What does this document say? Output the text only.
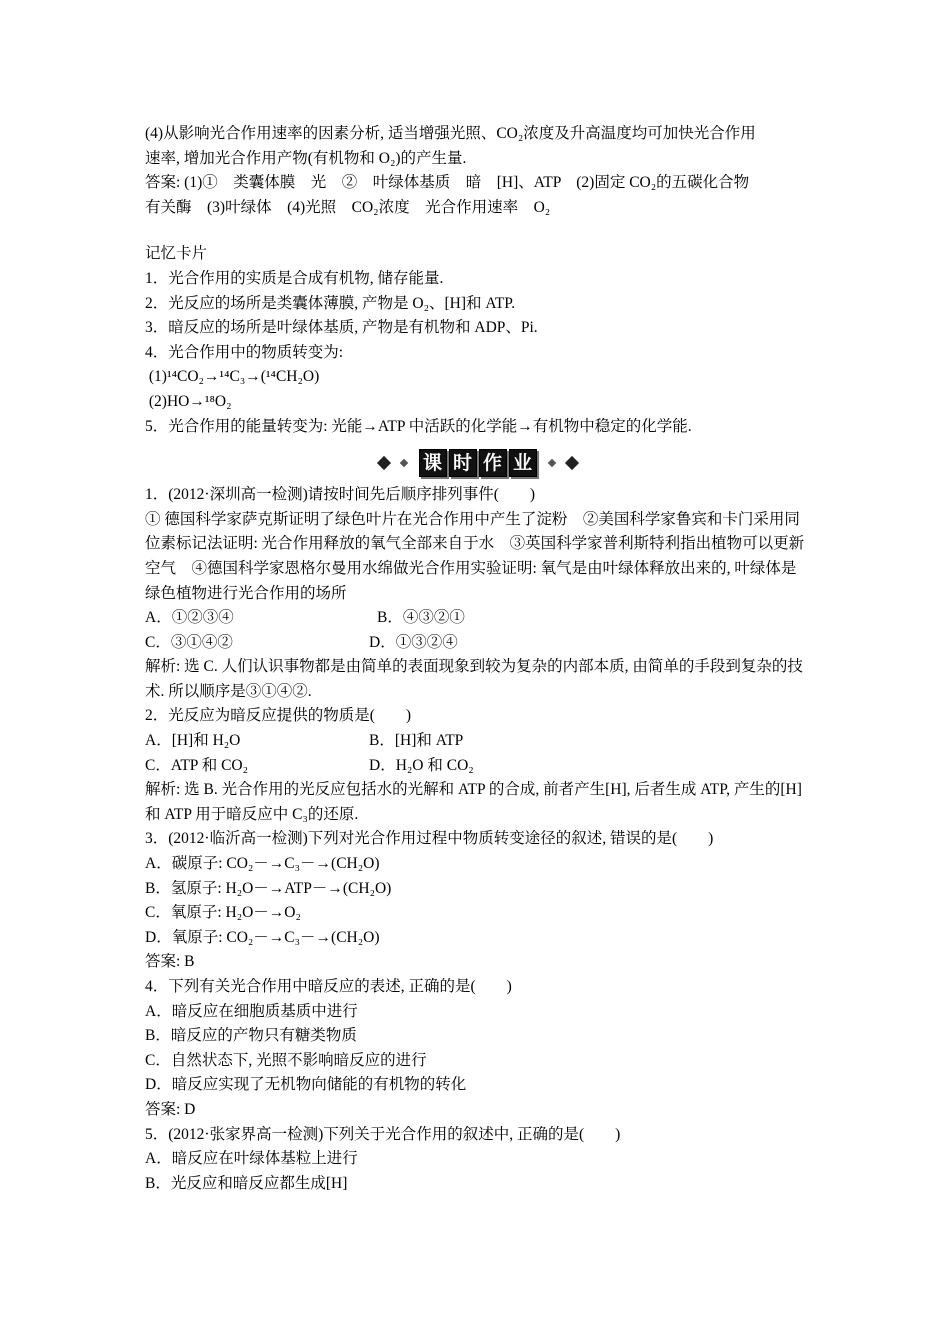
(4)从影响光合作用速率的因素分析, 适当增强光照、CO₂浓度及升高温度均可加快光合作用
速率, 增加光合作用产物(有机物和 O₂)的产生量.
答案: (1)①　类囊体膜　光　②　叶绿体基质　暗　[H]、ATP　(2)固定 CO₂的五碳化合物
有关酶　(3)叶绿体　(4)光照　CO₂浓度　光合作用速率　O₂
记忆卡片
1．光合作用的实质是合成有机物, 储存能量.
2．光反应的场所是类囊体薄膜, 产物是 O₂、[H]和 ATP.
3．暗反应的场所是叶绿体基质, 产物是有机物和 ADP、Pi.
4．光合作用中的物质转变为:
(1)¹⁴CO₂→¹⁴C₃→(¹⁴CH₂O)
(2)HO→¹⁸O₂
5．光合作用的能量转变为: 光能→ATP 中活跃的化学能→有机物中稳定的化学能.
课 时 作 业
1．(2012·深圳高一检测)请按时间先后顺序排列事件(　　)
① 德国科学家萨克斯证明了绿色叶片在光合作用中产生了淀粉　②美国科学家鲁宾和卡门采用同位素标记法证明: 光合作用释放的氧气全部来自于水　③英国科学家普利斯特利指出植物可以更新空气　④德国科学家恩格尔曼用水绵做光合作用实验证明: 氧气是由叶绿体释放出来的, 叶绿体是绿色植物进行光合作用的场所
A．①②③④	B．④③②①
C．③①④②	D．①③②④
解析: 选 C. 人们认识事物都是由简单的表面现象到较为复杂的内部本质, 由简单的手段到复杂的技术. 所以顺序是③①④②.
2．光反应为暗反应提供的物质是(　　)
A．[H]和 H₂O	B．[H]和 ATP
C．ATP 和 CO₂	D．H₂O 和 CO₂
解析: 选 B. 光合作用的光反应包括水的光解和 ATP 的合成, 前者产生[H], 后者生成 ATP, 产生的[H]和 ATP 用于暗反应中 C₃的还原.
3．(2012·临沂高一检测)下列对光合作用过程中物质转变途径的叙述, 错误的是(　　)
A．碳原子: CO₂－→C₃－→(CH₂O)
B．氢原子: H₂O－→ATP－→(CH₂O)
C．氧原子: H₂O－→O₂
D．氧原子: CO₂－→C₃－→(CH₂O)
答案: B
4．下列有关光合作用中暗反应的表述, 正确的是(　　)
A．暗反应在细胞质基质中进行
B．暗反应的产物只有糖类物质
C．自然状态下, 光照不影响暗反应的进行
D．暗反应实现了无机物向储能的有机物的转化
答案: D
5．(2012·张家界高一检测)下列关于光合作用的叙述中, 正确的是(　　)
A．暗反应在叶绿体基粒上进行
B．光反应和暗反应都生成[H]
